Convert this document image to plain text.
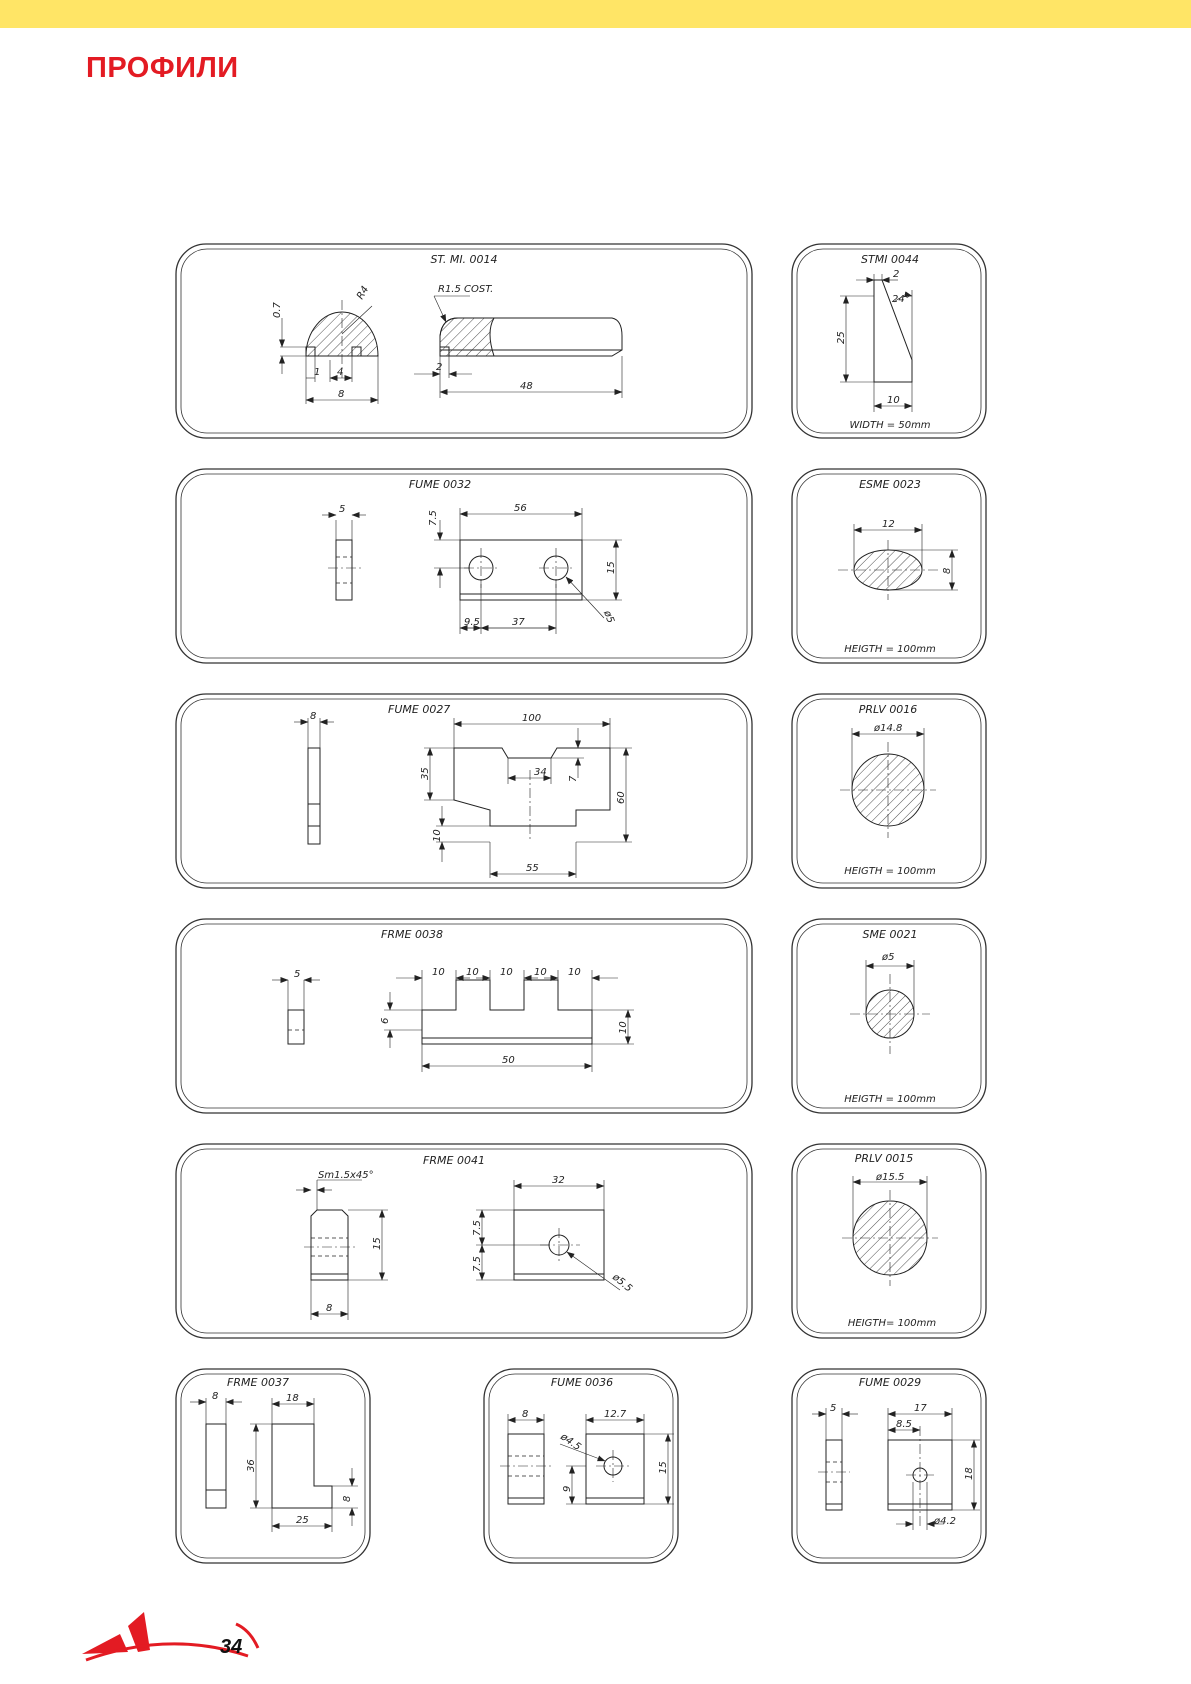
ПРОФИЛИ
ST. MI. 0014
0.7
R4
1 4
8
R1.5 COST.
2
48
STMI 0044
2
24°
25
10
WIDTH = 50mm
FUME 0032
5	56
7.5
15
9.5	37	ø5
ESME 0023
12
8
HEIGTH = 100mm
FUME 0027
8	100
35	34
7
60
10
55
PRLV 0016
ø14.8
HEIGTH = 100mm
FRME 0038
5	10 10 10 10 10
6
10
50
SME 0021
ø5
HEIGTH = 100mm
FRME 0041
Sm1.5x45°
15
8
32
7.5
7.5
ø5.5
PRLV 0015
ø15.5
HEIGTH= 100mm
FRME 0037
8	18
36
8
25
FUME 0036
8	12.7
ø4.5
9
15
FUME 0029
5	17
8.5
18
ø4.2
34
